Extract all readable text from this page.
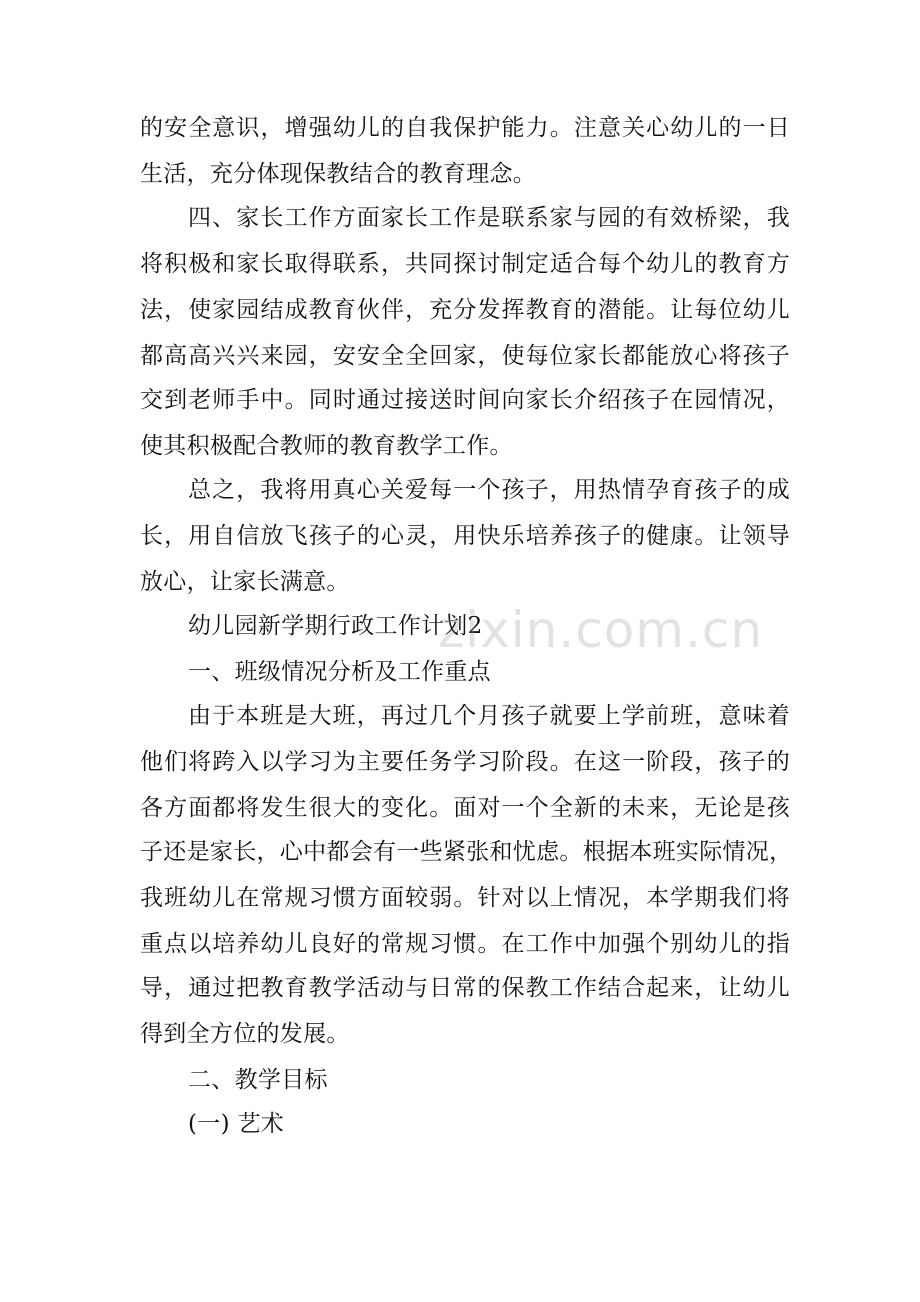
的安全意识，增强幼儿的自我保护能力。注意关心幼儿的一日
生活，充分体现保教结合的教育理念。
四、家长工作方面家长工作是联系家与园的有效桥梁，我
将积极和家长取得联系，共同探讨制定适合每个幼儿的教育方
法，使家园结成教育伙伴，充分发挥教育的潜能。让每位幼儿
都高高兴兴来园，安安全全回家，使每位家长都能放心将孩子
交到老师手中。同时通过接送时间向家长介绍孩子在园情况，
使其积极配合教师的教育教学工作。
总之，我将用真心关爱每一个孩子，用热情孕育孩子的成
长，用自信放飞孩子的心灵，用快乐培养孩子的健康。让领导
放心，让家长满意。
幼儿园新学期行政工作计划2
一、班级情况分析及工作重点
由于本班是大班，再过几个月孩子就要上学前班，意味着
他们将跨入以学习为主要任务学习阶段。在这一阶段，孩子的
各方面都将发生很大的变化。面对一个全新的未来，无论是孩
子还是家长，心中都会有一些紧张和忧虑。根据本班实际情况，
我班幼儿在常规习惯方面较弱。针对以上情况，本学期我们将
重点以培养幼儿良好的常规习惯。在工作中加强个别幼儿的指
导，通过把教育教学活动与日常的保教工作结合起来，让幼儿
得到全方位的发展。
二、教学目标
(一) 艺术
zixin.com.cn
